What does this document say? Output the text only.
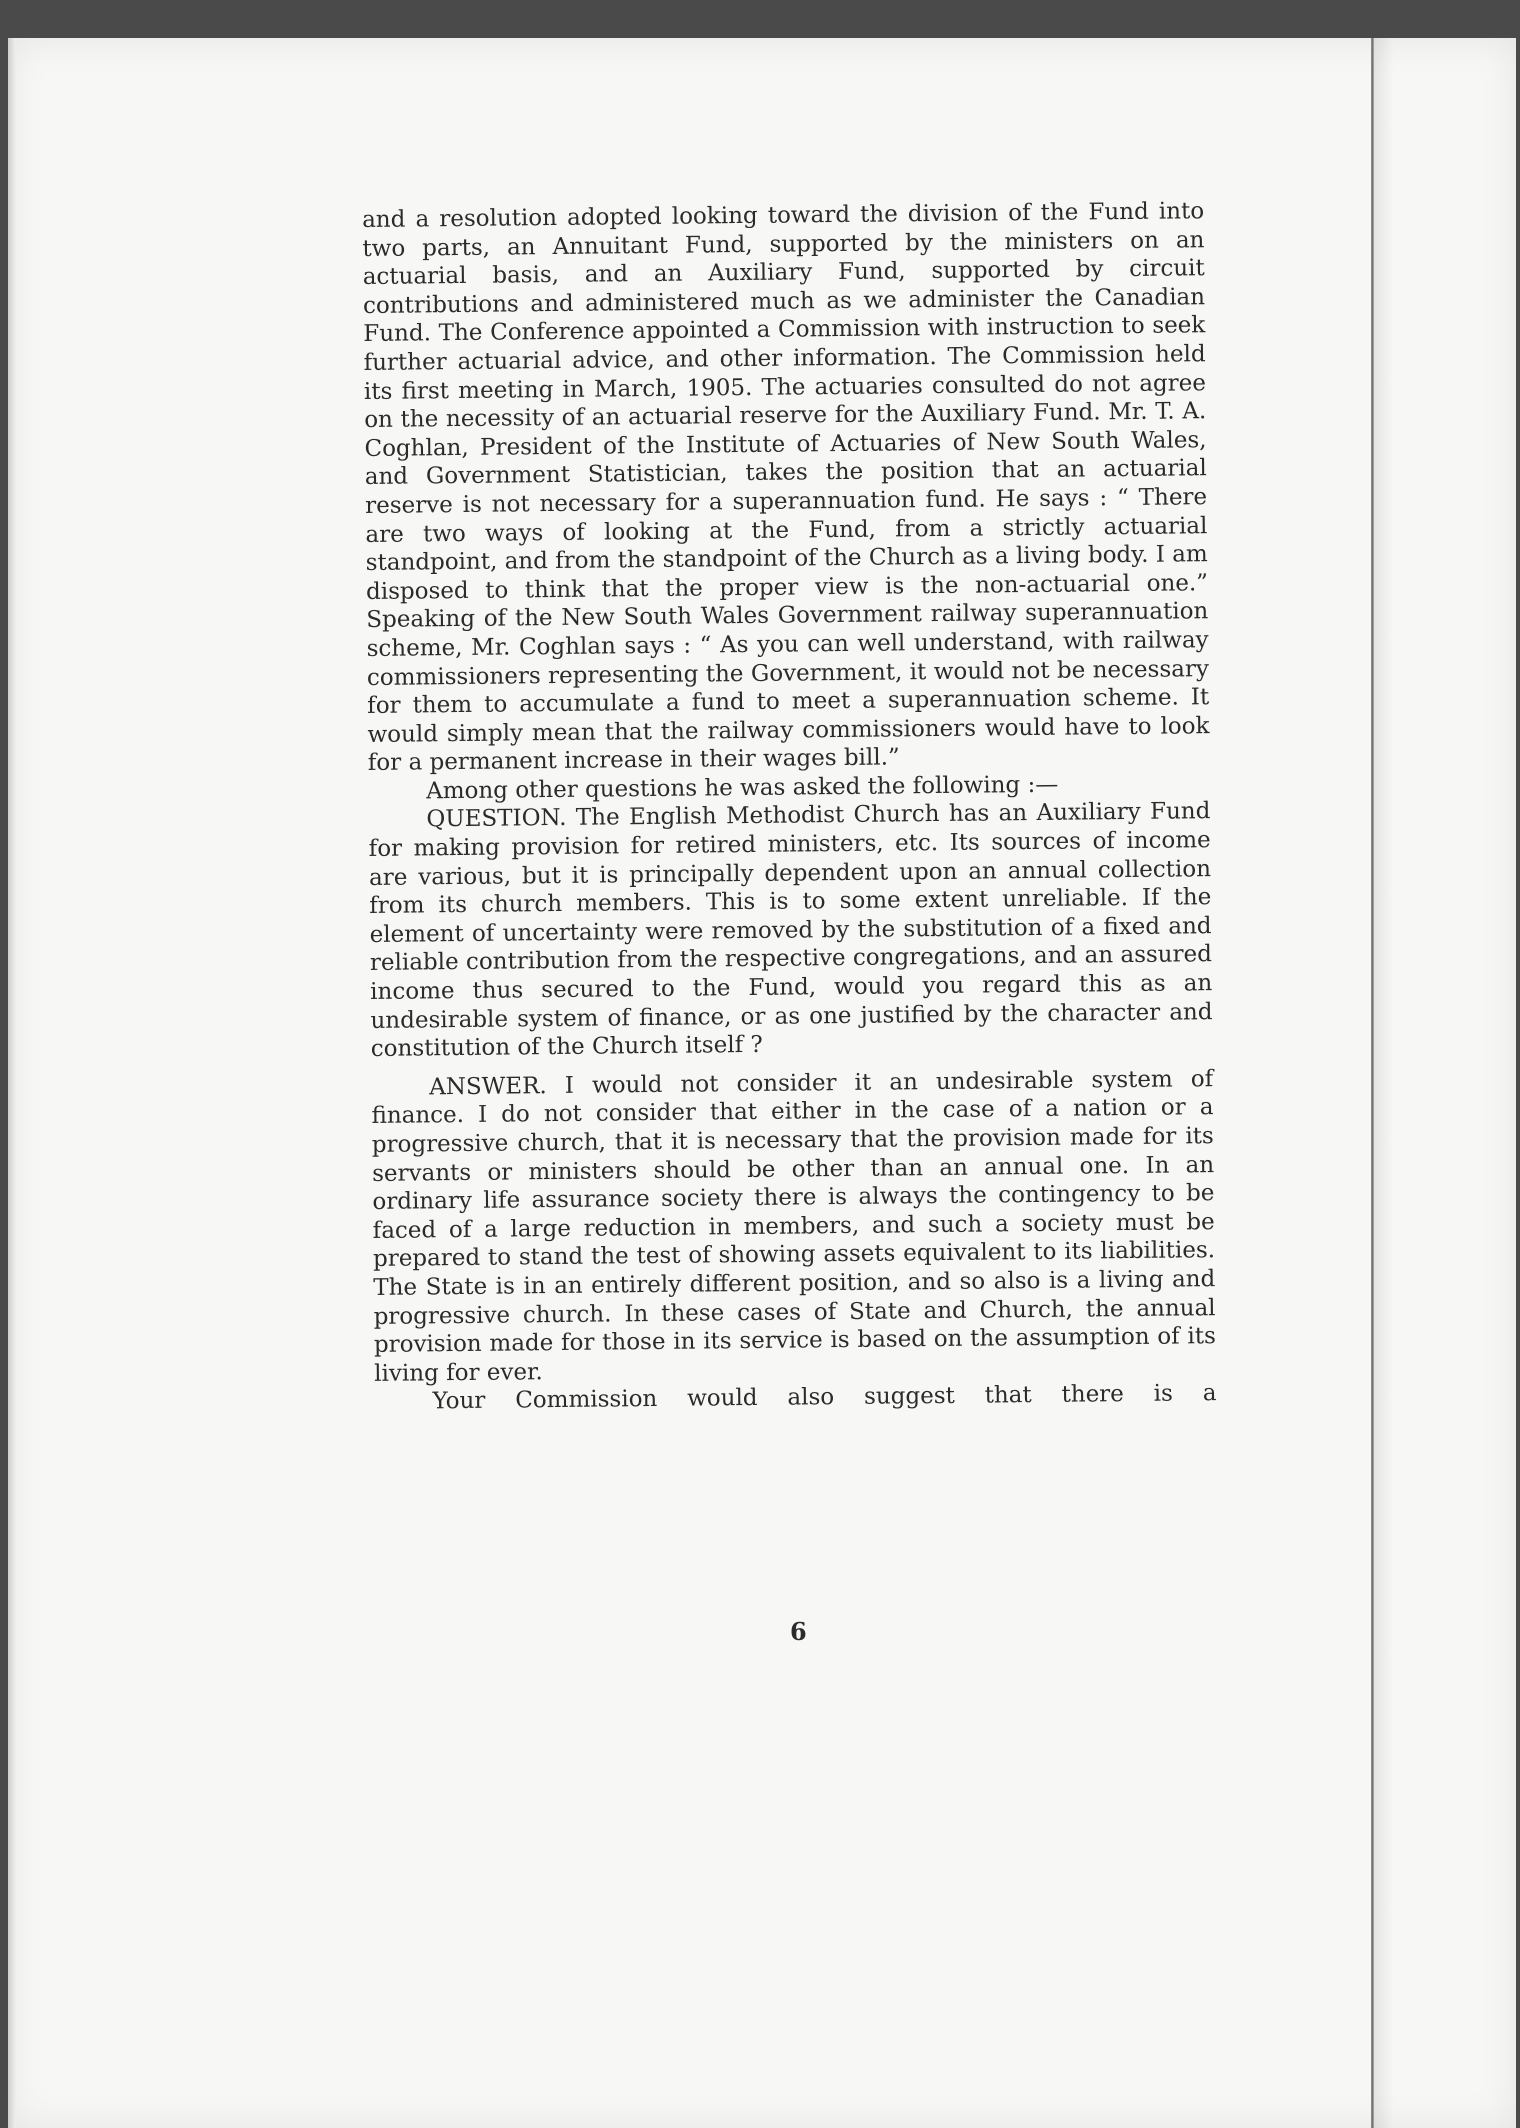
and a resolution adopted looking toward the division of the Fund into two parts, an Annuitant Fund, supported by the ministers on an actuarial basis, and an Auxiliary Fund, supported by circuit contributions and administered much as we administer the Canadian Fund. The Conference appointed a Commission with instruction to seek further actuarial advice, and other information. The Commission held its first meeting in March, 1905. The actuaries consulted do not agree on the necessity of an actuarial reserve for the Auxiliary Fund. Mr. T. A. Coghlan, President of the Institute of Actuaries of New South Wales, and Government Statistician, takes the position that an actuarial reserve is not necessary for a superannuation fund. He says : “ There are two ways of looking at the Fund, from a strictly actuarial standpoint, and from the standpoint of the Church as a living body. I am disposed to think that the proper view is the non-actuarial one.” Speaking of the New South Wales Government railway superannuation scheme, Mr. Coghlan says : “ As you can well understand, with railway commissioners representing the Government, it would not be necessary for them to accumulate a fund to meet a superannuation scheme. It would simply mean that the railway commissioners would have to look for a permanent increase in their wages bill.”

Among other questions he was asked the following :—

QUESTION. The English Methodist Church has an Auxiliary Fund for making provision for retired ministers, etc. Its sources of income are various, but it is principally dependent upon an annual collection from its church members. This is to some extent unreliable. If the element of uncertainty were removed by the substitution of a fixed and reliable contribution from the respective congregations, and an assured income thus secured to the Fund, would you regard this as an undesirable system of finance, or as one justified by the character and constitution of the Church itself ?

ANSWER. I would not consider it an undesirable system of finance. I do not consider that either in the case of a nation or a progressive church, that it is necessary that the provision made for its servants or ministers should be other than an annual one. In an ordinary life assurance society there is always the contingency to be faced of a large reduction in members, and such a society must be prepared to stand the test of showing assets equivalent to its liabilities. The State is in an entirely different position, and so also is a living and progressive church. In these cases of State and Church, the annual provision made for those in its service is based on the assumption of its living for ever.

Your Commission would also suggest that there is a

6
